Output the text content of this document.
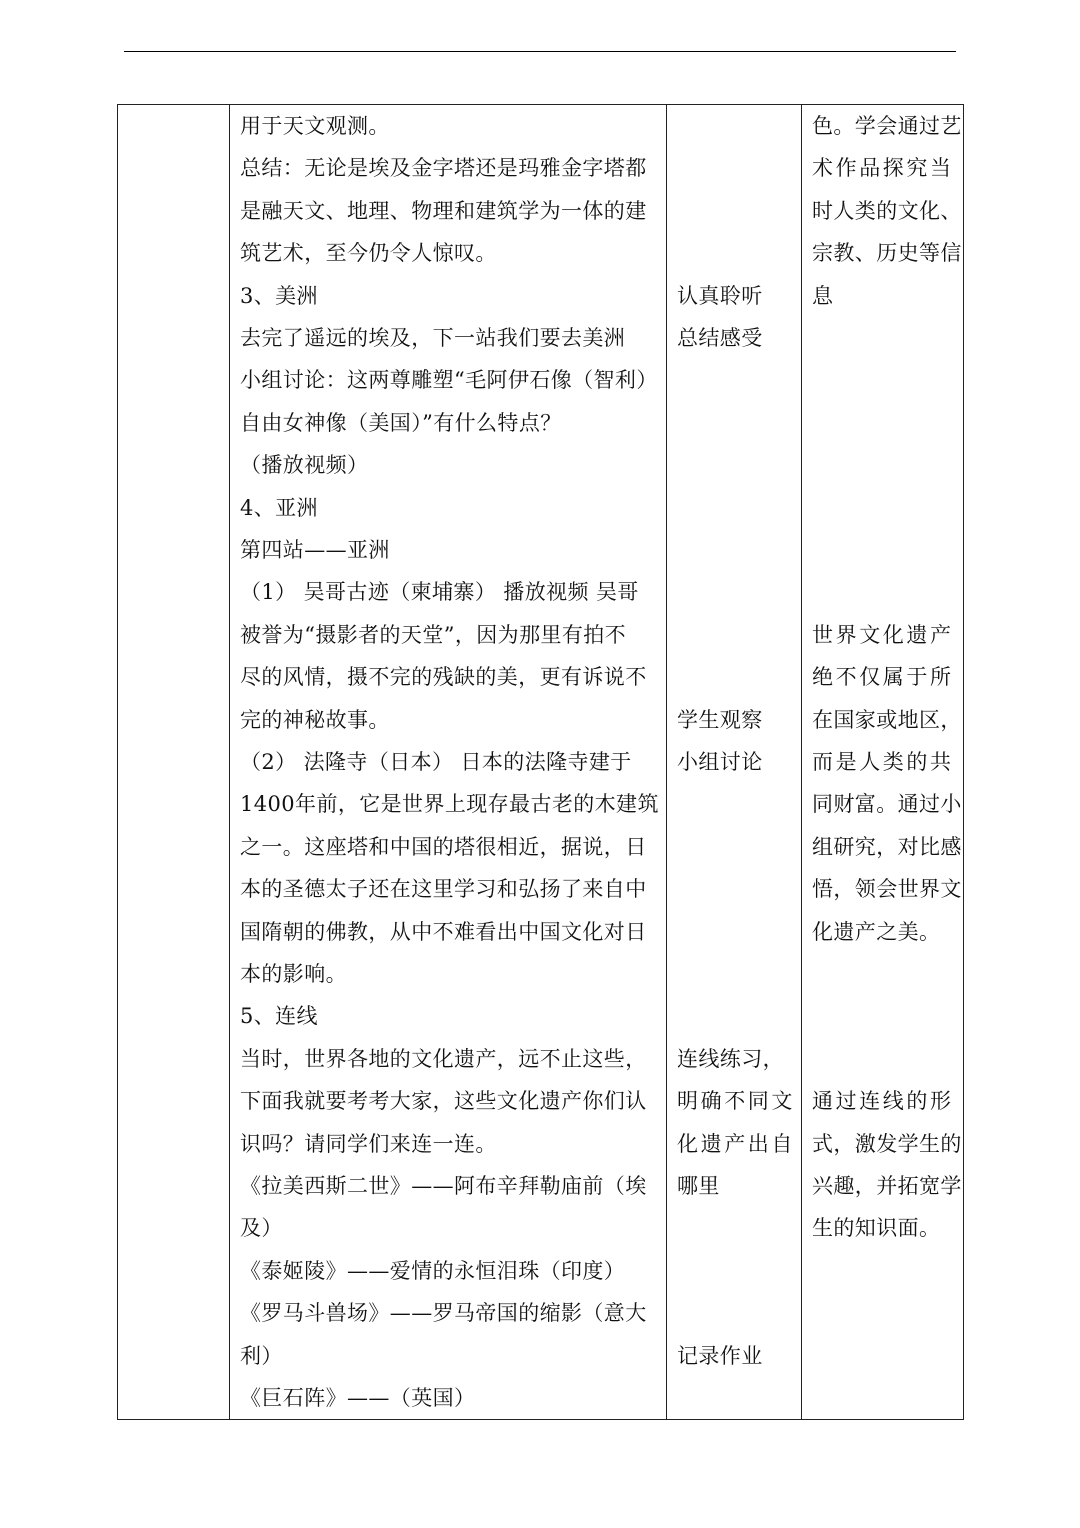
用于天文观测。
总结：无论是埃及金字塔还是玛雅金字塔都
是融天文、地理、物理和建筑学为一体的建
筑艺术，至今仍令人惊叹。
3、美洲
去完了遥远的埃及，下一站我们要去美洲
小组讨论：这两尊雕塑“毛阿伊石像（智利）
自由女神像（美国）”有什么特点？
（播放视频）
4、亚洲
第四站——亚洲
（1） 吴哥古迹（柬埔寨） 播放视频 吴哥
被誉为“摄影者的天堂”，因为那里有拍不
尽的风情，摄不完的残缺的美，更有诉说不
完的神秘故事。
（2） 法隆寺（日本） 日本的法隆寺建于
1400年前，它是世界上现存最古老的木建筑
之一。这座塔和中国的塔很相近，据说，日
本的圣德太子还在这里学习和弘扬了来自中
国隋朝的佛教，从中不难看出中国文化对日
本的影响。
5、连线
当时，世界各地的文化遗产，远不止这些，
下面我就要考考大家，这些文化遗产你们认
识吗？请同学们来连一连。
《拉美西斯二世》——阿布辛拜勒庙前（埃
及）
《泰姬陵》——爱情的永恒泪珠（印度）
《罗马斗兽场》——罗马帝国的缩影（意大
利）
《巨石阵》——（英国）
认真聆听
总结感受
学生观察
小组讨论
连线练习，
明确不同文
化遗产出自
哪里
记录作业
色。学会通过艺
术作品探究当
时人类的文化、
宗教、历史等信
息
世界文化遗产
绝不仅属于所
在国家或地区，
而是人类的共
同财富。通过小
组研究，对比感
悟，领会世界文
化遗产之美。
通过连线的形
式，激发学生的
兴趣，并拓宽学
生的知识面。
